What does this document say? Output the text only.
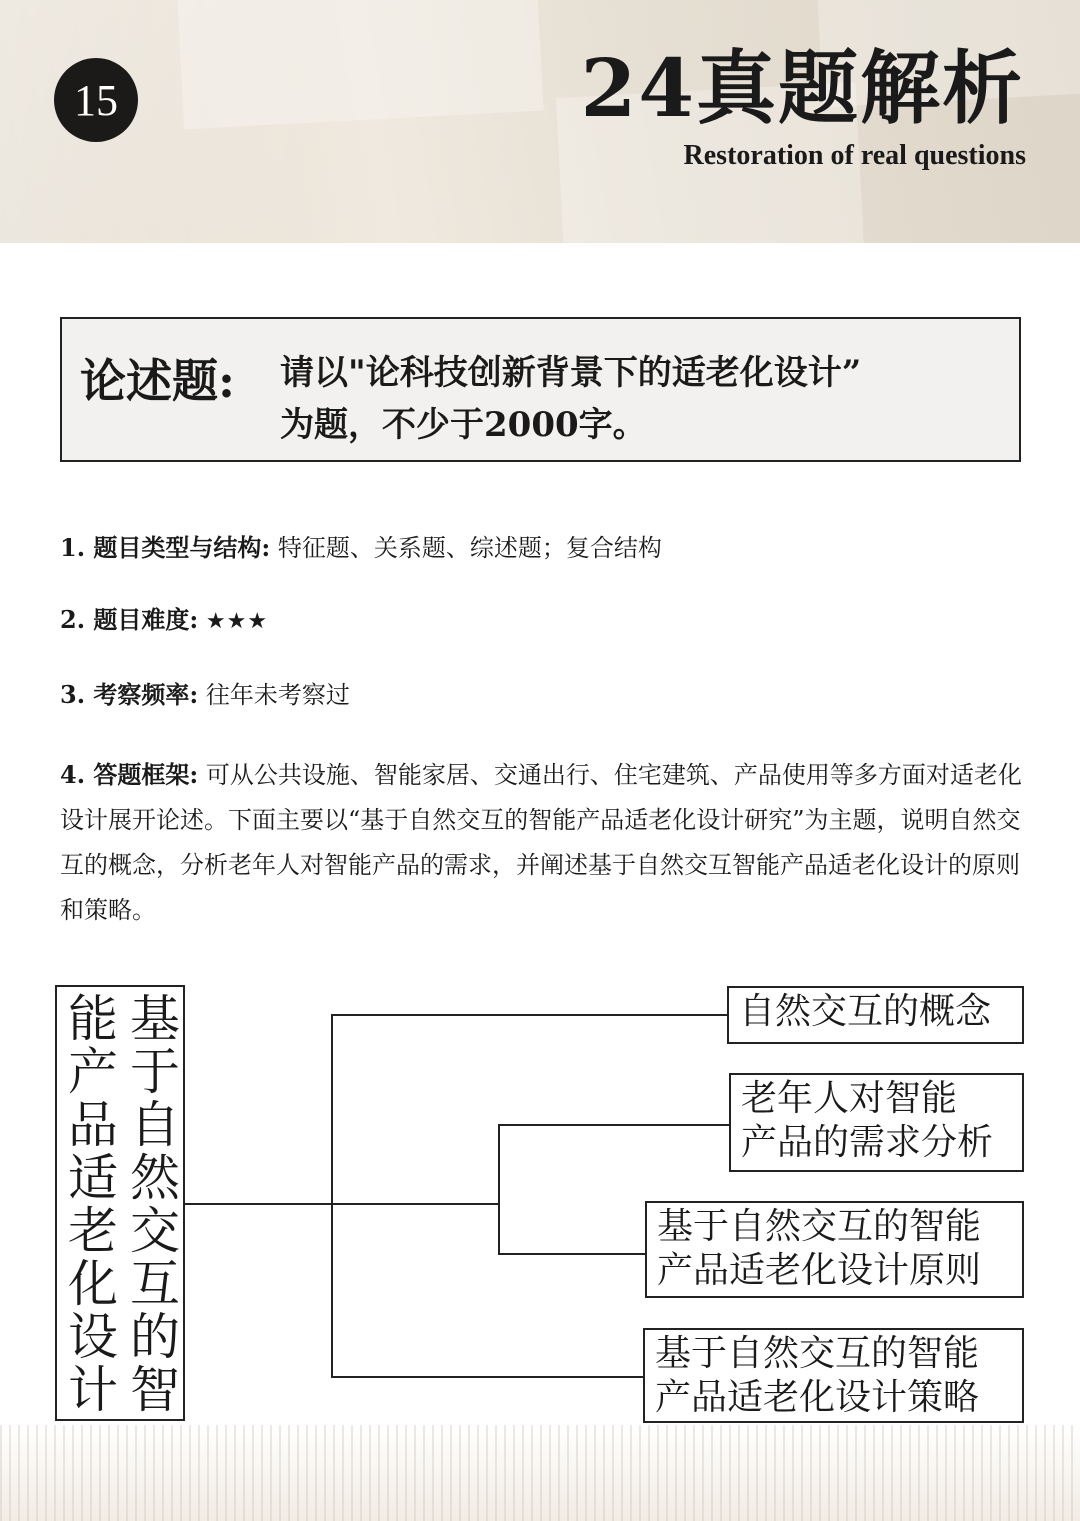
15	24真题解析
Restoration of real questions
论述题: 请以"论科技创新背景下的适老化设计”
为题，不少于2000字。
1. 题目类型与结构: 特征题、关系题、综述题；复合结构
2. 题目难度: ★★★
3. 考察频率: 往年未考察过
4. 答题框架: 可从公共设施、智能家居、交通出行、住宅建筑、产品使用等多方面对适老化设计展开论述。下面主要以“基于自然交互的智能产品适老化设计研究”为主题，说明自然交互的概念，分析老年人对智能产品的需求，并阐述基于自然交互智能产品适老化设计的原则和策略。
基于自然交互的智
能产品适老化设计
自然交互的概念
老年人对智能
产品的需求分析
基于自然交互的智能
产品适老化设计原则
基于自然交互的智能
产品适老化设计策略
